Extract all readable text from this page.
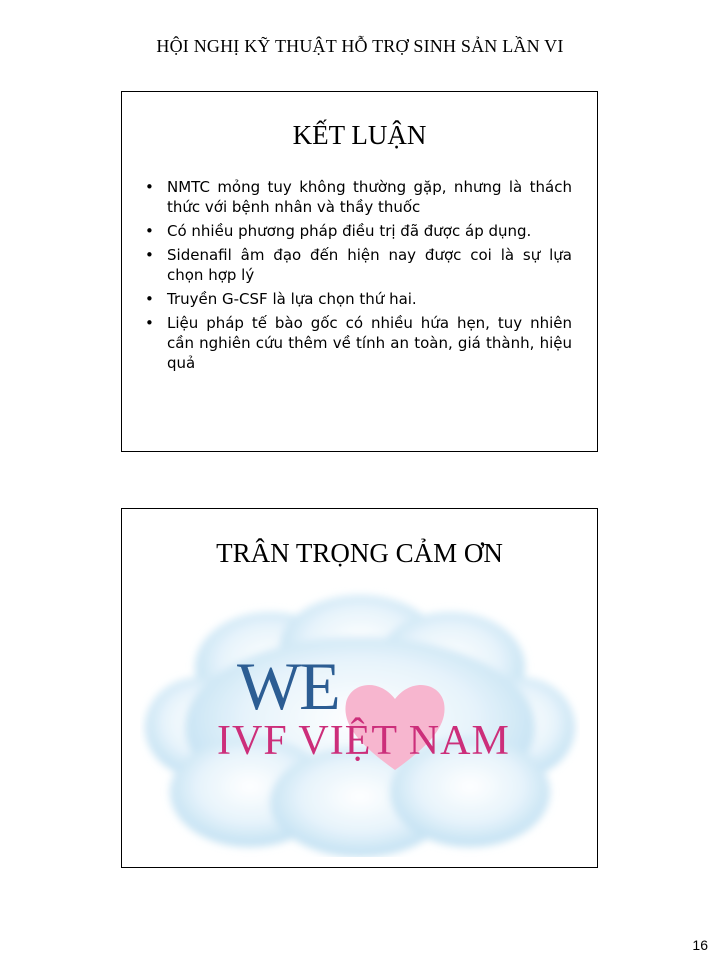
HỘI NGHỊ KỸ THUẬT HỖ TRỢ SINH SẢN LẦN VI
KẾT LUẬN
• NMTC mỏng tuy không thường gặp, nhưng là thách thức với bệnh nhân và thầy thuốc
• Có nhiều phương pháp điều trị đã được áp dụng.
• Sidenafil âm đạo đến hiện nay được coi là sự lựa chọn hợp lý
• Truyền G-CSF là lựa chọn thứ hai.
• Liệu pháp tế bào gốc có nhiều hứa hẹn, tuy nhiên cần nghiên cứu thêm về tính an toàn, giá thành, hiệu quả
TRÂN TRỌNG CẢM ƠN
WE
IVF VIỆT NAM
16
